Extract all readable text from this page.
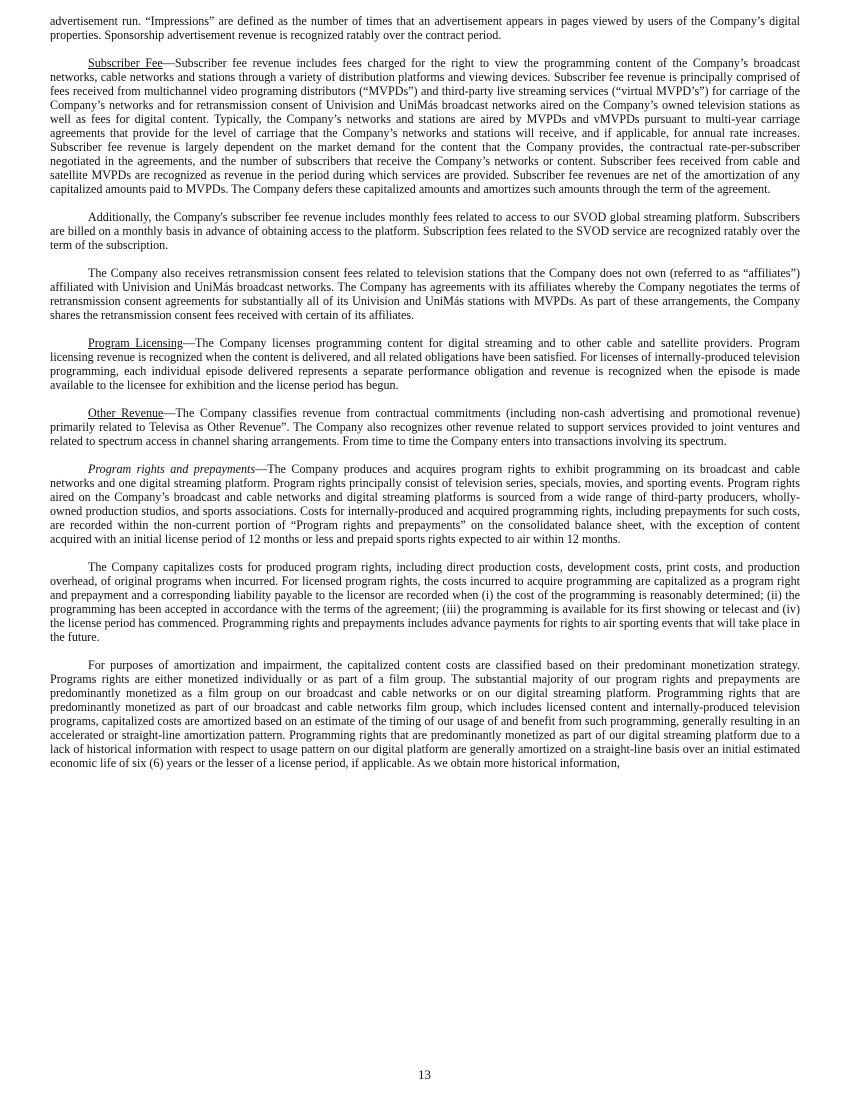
advertisement run. “Impressions” are defined as the number of times that an advertisement appears in pages viewed by users of the Company’s digital properties. Sponsorship advertisement revenue is recognized ratably over the contract period.

Subscriber Fee—Subscriber fee revenue includes fees charged for the right to view the programming content of the Company’s broadcast networks, cable networks and stations through a variety of distribution platforms and viewing devices. Subscriber fee revenue is principally comprised of fees received from multichannel video programing distributors (“MVPDs”) and third-party live streaming services (“virtual MVPD’s”) for carriage of the Company’s networks and for retransmission consent of Univision and UniMás broadcast networks aired on the Company’s owned television stations as well as fees for digital content. Typically, the Company’s networks and stations are aired by MVPDs and vMVPDs pursuant to multi-year carriage agreements that provide for the level of carriage that the Company’s networks and stations will receive, and if applicable, for annual rate increases. Subscriber fee revenue is largely dependent on the market demand for the content that the Company provides, the contractual rate-per-subscriber negotiated in the agreements, and the number of subscribers that receive the Company’s networks or content. Subscriber fees received from cable and satellite MVPDs are recognized as revenue in the period during which services are provided. Subscriber fee revenues are net of the amortization of any capitalized amounts paid to MVPDs. The Company defers these capitalized amounts and amortizes such amounts through the term of the agreement.

Additionally, the Company's subscriber fee revenue includes monthly fees related to access to our SVOD global streaming platform. Subscribers are billed on a monthly basis in advance of obtaining access to the platform. Subscription fees related to the SVOD service are recognized ratably over the term of the subscription.

The Company also receives retransmission consent fees related to television stations that the Company does not own (referred to as “affiliates”) affiliated with Univision and UniMás broadcast networks. The Company has agreements with its affiliates whereby the Company negotiates the terms of retransmission consent agreements for substantially all of its Univision and UniMás stations with MVPDs. As part of these arrangements, the Company shares the retransmission consent fees received with certain of its affiliates.

Program Licensing—The Company licenses programming content for digital streaming and to other cable and satellite providers. Program licensing revenue is recognized when the content is delivered, and all related obligations have been satisfied. For licenses of internally-produced television programming, each individual episode delivered represents a separate performance obligation and revenue is recognized when the episode is made available to the licensee for exhibition and the license period has begun.

Other Revenue—The Company classifies revenue from contractual commitments (including non-cash advertising and promotional revenue) primarily related to Televisa as Other Revenue”. The Company also recognizes other revenue related to support services provided to joint ventures and related to spectrum access in channel sharing arrangements. From time to time the Company enters into transactions involving its spectrum.

Program rights and prepayments—The Company produces and acquires program rights to exhibit programming on its broadcast and cable networks and one digital streaming platform. Program rights principally consist of television series, specials, movies, and sporting events. Program rights aired on the Company’s broadcast and cable networks and digital streaming platforms is sourced from a wide range of third-party producers, wholly-owned production studios, and sports associations. Costs for internally-produced and acquired programming rights, including prepayments for such costs, are recorded within the non-current portion of “Program rights and prepayments” on the consolidated balance sheet, with the exception of content acquired with an initial license period of 12 months or less and prepaid sports rights expected to air within 12 months.

The Company capitalizes costs for produced program rights, including direct production costs, development costs, print costs, and production overhead, of original programs when incurred. For licensed program rights, the costs incurred to acquire programming are capitalized as a program right and prepayment and a corresponding liability payable to the licensor are recorded when (i) the cost of the programming is reasonably determined; (ii) the programming has been accepted in accordance with the terms of the agreement; (iii) the programming is available for its first showing or telecast and (iv) the license period has commenced. Programming rights and prepayments includes advance payments for rights to air sporting events that will take place in the future.

For purposes of amortization and impairment, the capitalized content costs are classified based on their predominant monetization strategy. Programs rights are either monetized individually or as part of a film group. The substantial majority of our program rights and prepayments are predominantly monetized as a film group on our broadcast and cable networks or on our digital streaming platform. Programming rights that are predominantly monetized as part of our broadcast and cable networks film group, which includes licensed content and internally-produced television programs, capitalized costs are amortized based on an estimate of the timing of our usage of and benefit from such programming, generally resulting in an accelerated or straight-line amortization pattern. Programming rights that are predominantly monetized as part of our digital streaming platform due to a lack of historical information with respect to usage pattern on our digital platform are generally amortized on a straight-line basis over an initial estimated economic life of six (6) years or the lesser of a license period, if applicable. As we obtain more historical information,

13
